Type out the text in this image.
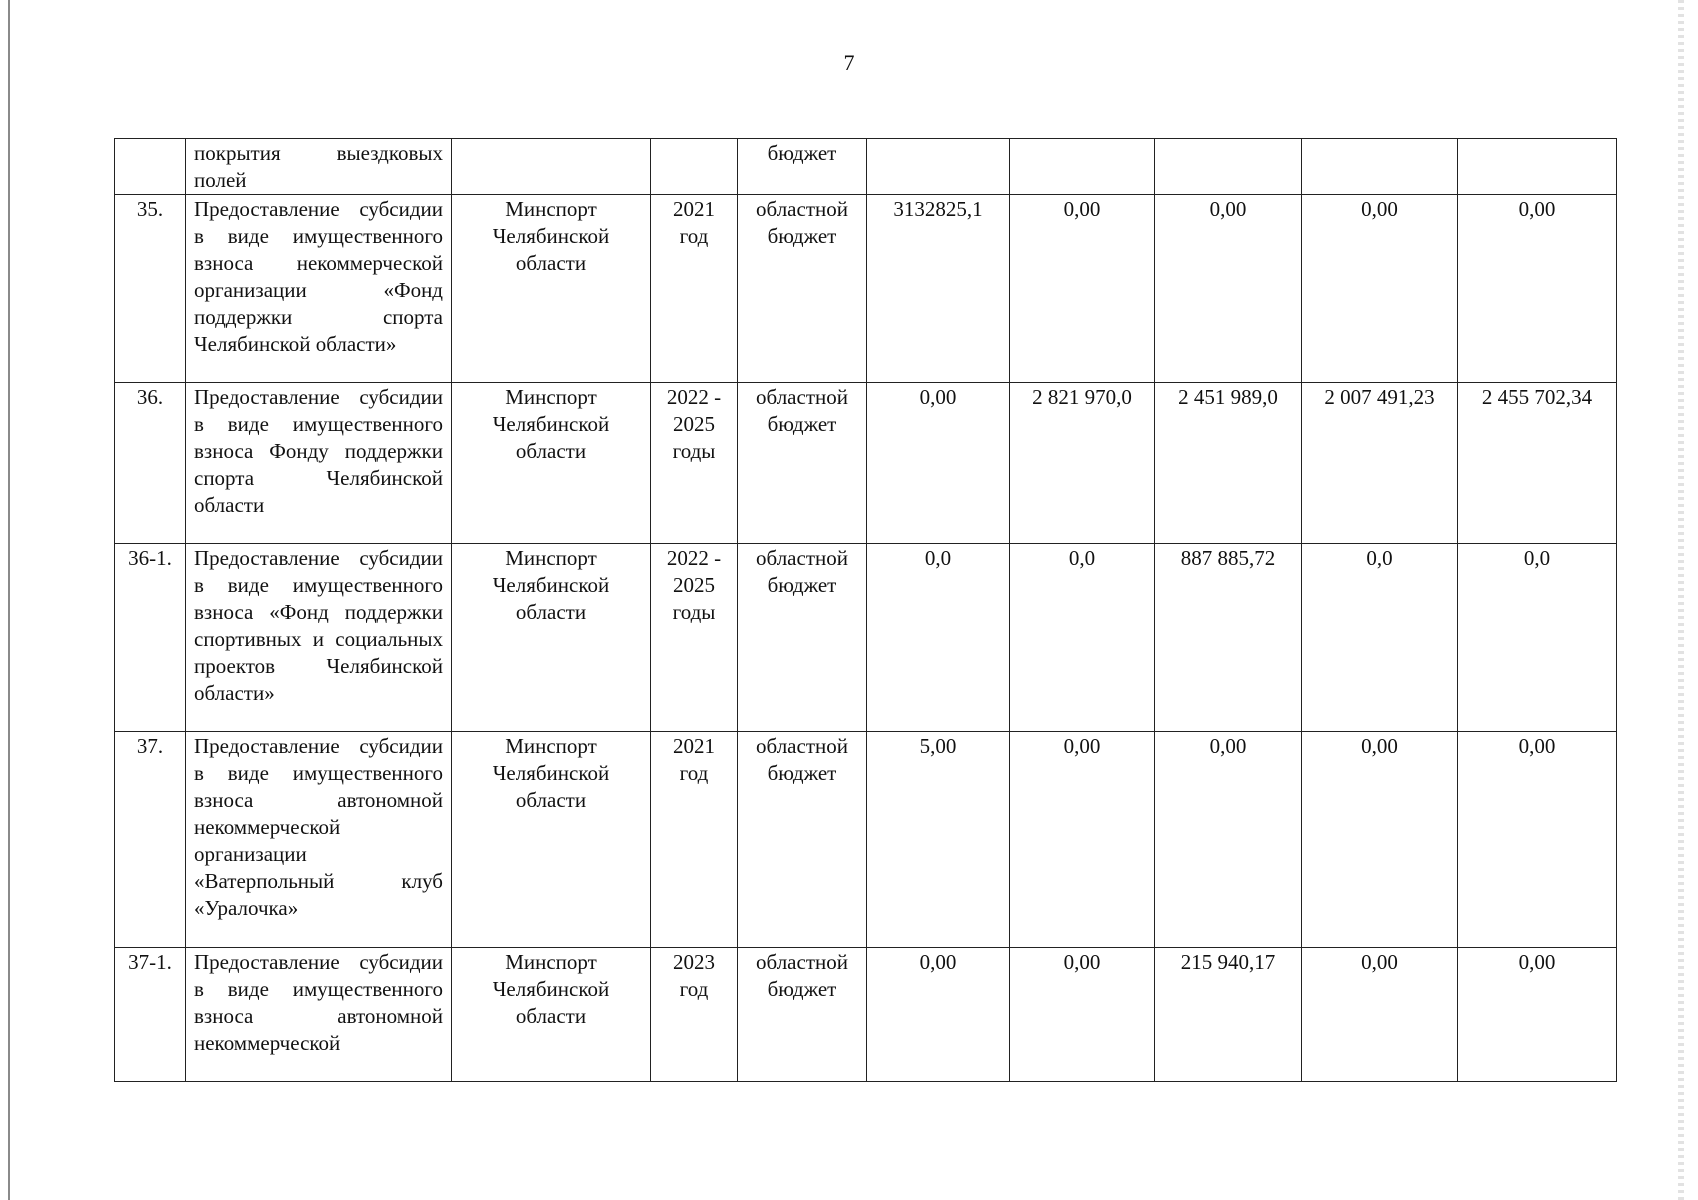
7
	покрытия выездковых полей			бюджет					
35.	Предоставление субсидии в виде имущественного взноса некоммерческой организации «Фонд поддержки спорта Челябинской области»	Минспорт Челябинской области	2021 год	областной бюджет	3132825,1	0,00	0,00	0,00	0,00
36.	Предоставление субсидии в виде имущественного взноса Фонду поддержки спорта Челябинской области	Минспорт Челябинской области	2022 - 2025 годы	областной бюджет	0,00	2 821 970,0	2 451 989,0	2 007 491,23	2 455 702,34
36-1.	Предоставление субсидии в виде имущественного взноса «Фонд поддержки спортивных и социальных проектов Челябинской области»	Минспорт Челябинской области	2022 - 2025 годы	областной бюджет	0,0	0,0	887 885,72	0,0	0,0
37.	Предоставление субсидии в виде имущественного взноса автономной некоммерческой организации «Ватерпольный клуб «Уралочка»	Минспорт Челябинской области	2021 год	областной бюджет	5,00	0,00	0,00	0,00	0,00
37-1.	Предоставление субсидии в виде имущественного взноса автономной некоммерческой	Минспорт Челябинской области	2023 год	областной бюджет	0,00	0,00	215 940,17	0,00	0,00
